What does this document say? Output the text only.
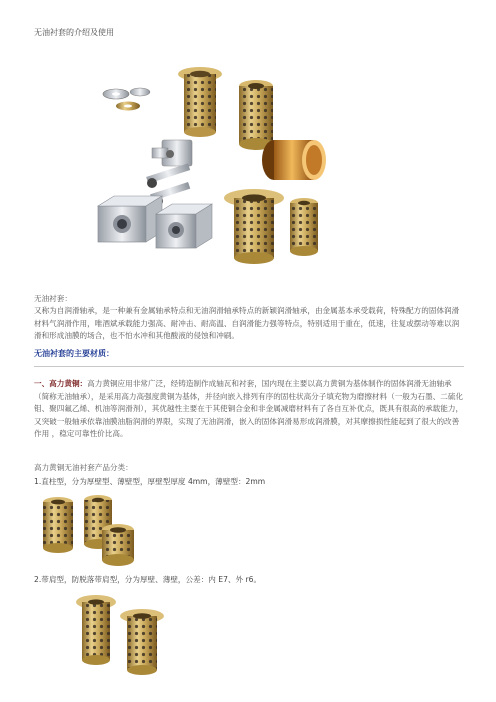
无油衬套的介绍及使用
无油衬套：
又称为自润滑轴承，是一种兼有金属轴承特点和无油润滑轴承特点的新颖润滑轴承，由金属基本承受载荷，特殊配方的固体润滑材料气润滑作用，唯酒斌承载能力强高、耐冲击、耐高温、自润滑能力强等特点，特别适用于重在，低速，往复或摆动等难以润滑和形成油膜的场合，也不怕水冲和其他酸液的侵蚀和冲刷。
无油衬套的主要材质：
一、高力黄铜：高力黄铜应用非常广泛，经铸造制作成轴瓦和衬套，国内现在主要以高力黄铜为基体制作的固体润滑无油轴承（简称无油轴承），是采用高力高强度黄铜为基体，并径向嵌入排列有序的固柱状高分子填充物为磨擦材料（一般为石墨、二硫化钼、聚四氟乙烯、机油等润滑剂），其优越性主要在于其使铜合金和非金属减磨材料有了各自互补优点，既具有很高的承载能力，又突破一般轴承依靠油膜油脂润滑的界限，实现了无油润滑，嵌入的固体润滑易形成润滑膜，对其摩擦损性能起到了很大的改善作用 ，稳定可靠性价比高。
高力黄铜无油衬套产品分类：
1.直柱型，分为厚壁型、薄壁型，厚壁型厚度 4mm，薄壁型：2mm
2.带肩型，防脱落带肩型，分为厚壁、薄壁，公差：内 E7、外 r6。
